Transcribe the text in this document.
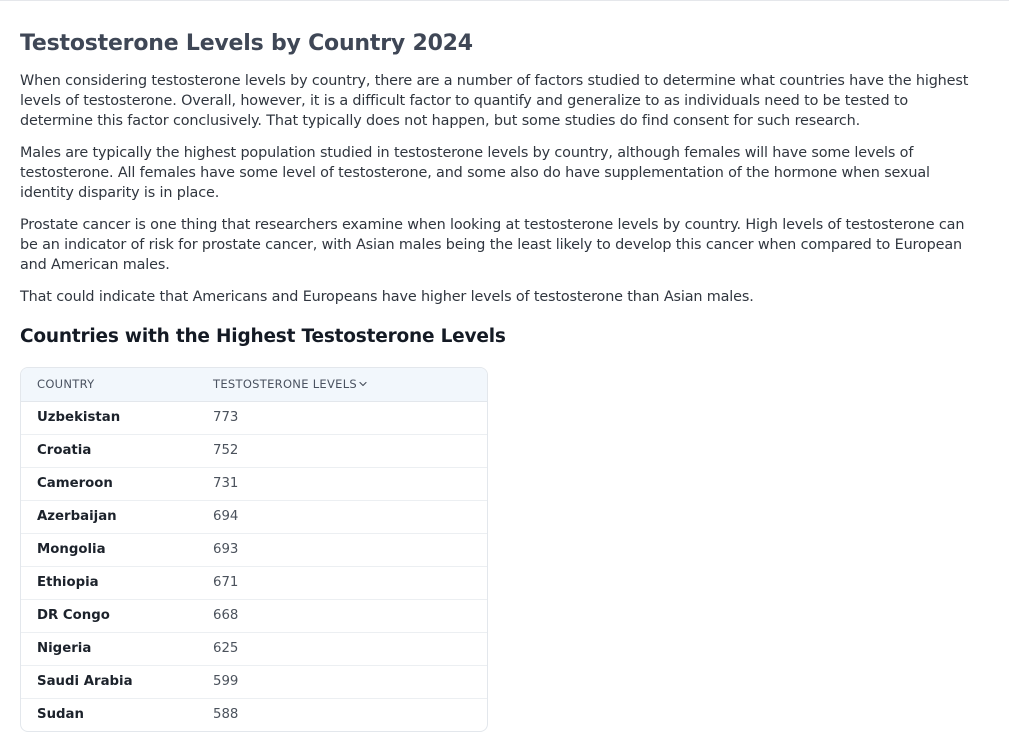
Testosterone Levels by Country 2024

When considering testosterone levels by country, there are a number of factors studied to determine what countries have the highest levels of testosterone. Overall, however, it is a difficult factor to quantify and generalize to as individuals need to be tested to determine this factor conclusively. That typically does not happen, but some studies do find consent for such research.

Males are typically the highest population studied in testosterone levels by country, although females will have some levels of testosterone. All females have some level of testosterone, and some also do have supplementation of the hormone when sexual identity disparity is in place.

Prostate cancer is one thing that researchers examine when looking at testosterone levels by country. High levels of testosterone can be an indicator of risk for prostate cancer, with Asian males being the least likely to develop this cancer when compared to European and American males.

That could indicate that Americans and Europeans have higher levels of testosterone than Asian males.

Countries with the Highest Testosterone Levels
COUNTRY	TESTOSTERONE LEVELS
Uzbekistan	773
Croatia	752
Cameroon	731
Azerbaijan	694
Mongolia	693
Ethiopia	671
DR Congo	668
Nigeria	625
Saudi Arabia	599
Sudan	588
